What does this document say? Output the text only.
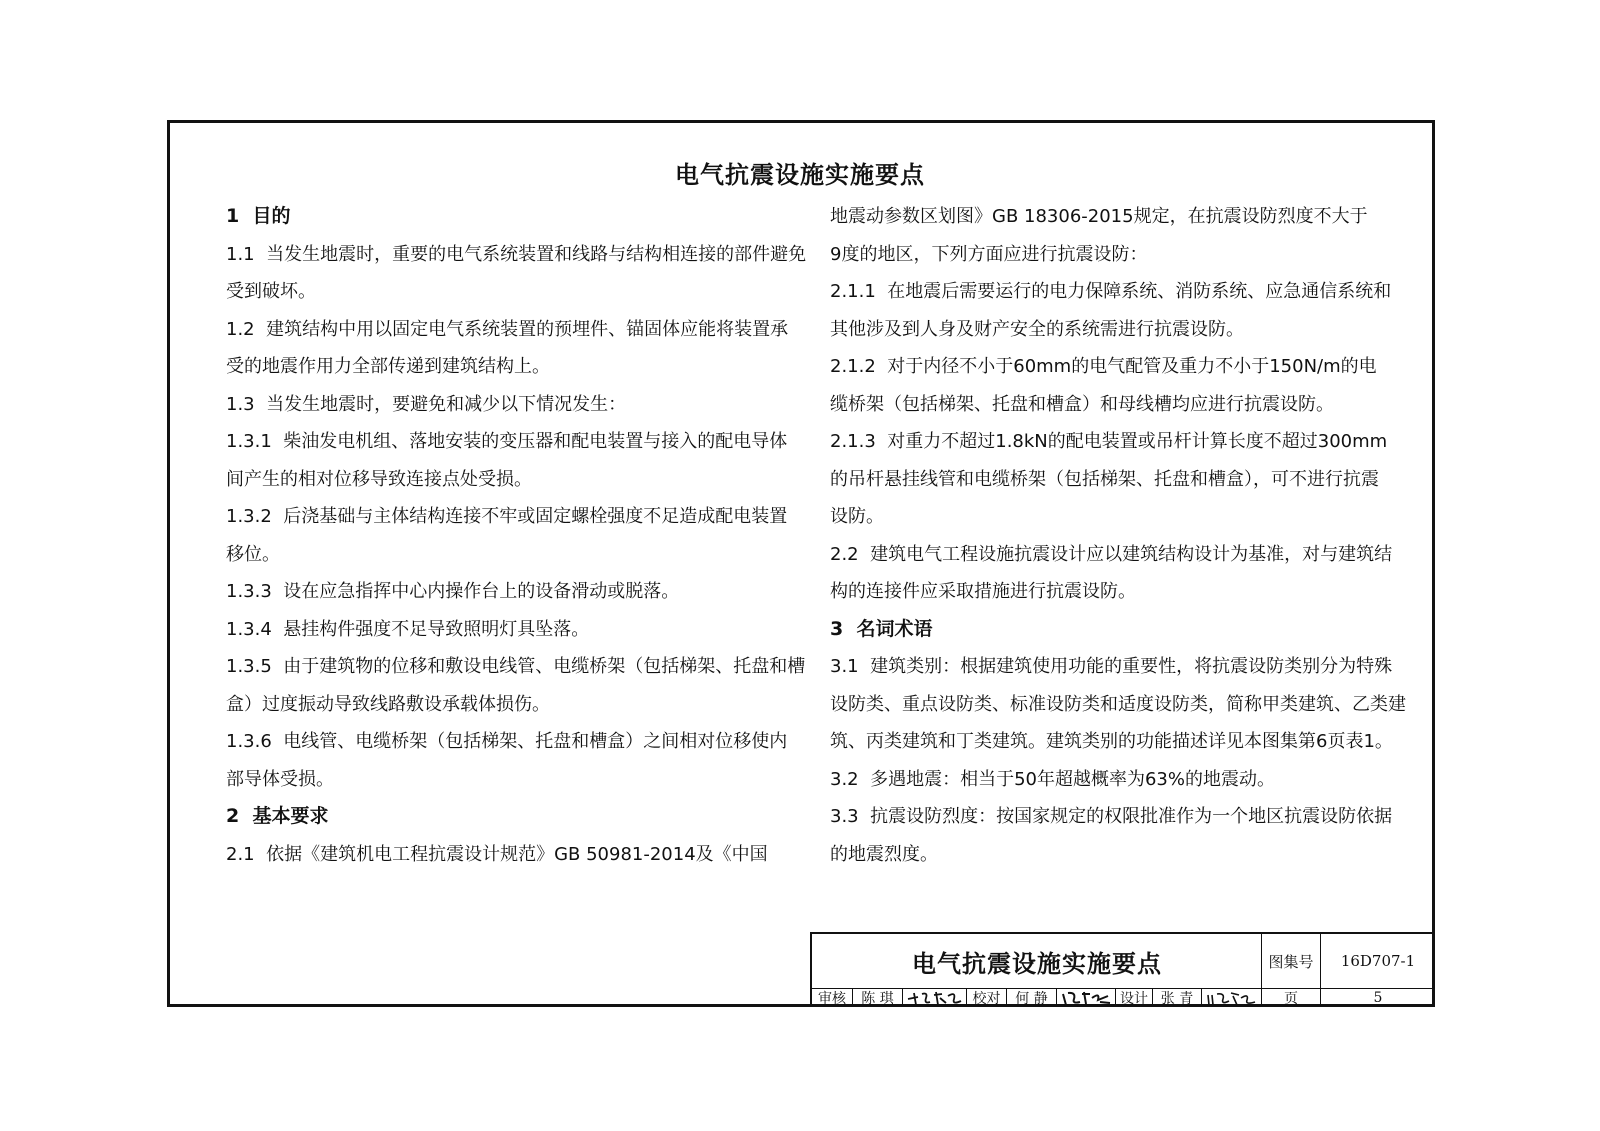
电气抗震设施实施要点

1  目的

1.1  当发生地震时，重要的电气系统装置和线路与结构相连接的部件避免

受到破坏。

1.2  建筑结构中用以固定电气系统装置的预埋件、锚固体应能将装置承

受的地震作用力全部传递到建筑结构上。

1.3  当发生地震时，要避免和减少以下情况发生：

1.3.1  柴油发电机组、落地安装的变压器和配电装置与接入的配电导体

间产生的相对位移导致连接点处受损。

1.3.2  后浇基础与主体结构连接不牢或固定螺栓强度不足造成配电装置

移位。

1.3.3  设在应急指挥中心内操作台上的设备滑动或脱落。

1.3.4  悬挂构件强度不足导致照明灯具坠落。

1.3.5  由于建筑物的位移和敷设电线管、电缆桥架（包括梯架、托盘和槽

盒）过度振动导致线路敷设承载体损伤。

1.3.6  电线管、电缆桥架（包括梯架、托盘和槽盒）之间相对位移使内

部导体受损。

2  基本要求

2.1  依据《建筑机电工程抗震设计规范》GB 50981-2014及《中国

地震动参数区划图》GB 18306-2015规定，在抗震设防烈度不大于

9度的地区，下列方面应进行抗震设防：

2.1.1  在地震后需要运行的电力保障系统、消防系统、应急通信系统和

其他涉及到人身及财产安全的系统需进行抗震设防。

2.1.2  对于内径不小于60mm的电气配管及重力不小于150N/m的电

缆桥架（包括梯架、托盘和槽盒）和母线槽均应进行抗震设防。

2.1.3  对重力不超过1.8kN的配电装置或吊杆计算长度不超过300mm

的吊杆悬挂线管和电缆桥架（包括梯架、托盘和槽盒），可不进行抗震

设防。

2.2  建筑电气工程设施抗震设计应以建筑结构设计为基准，对与建筑结

构的连接件应采取措施进行抗震设防。

3  名词术语

3.1  建筑类别：根据建筑使用功能的重要性，将抗震设防类别分为特殊

设防类、重点设防类、标准设防类和适度设防类，简称甲类建筑、乙类建

筑、丙类建筑和丁类建筑。建筑类别的功能描述详见本图集第6页表1。

3.2  多遇地震：相当于50年超越概率为63%的地震动。

3.3  抗震设防烈度：按国家规定的权限批准作为一个地区抗震设防依据

的地震烈度。

电气抗震设施实施要点	图集号	16D707-1
审核	陈 琪	校对	何 静	设计 张 青	页	5
